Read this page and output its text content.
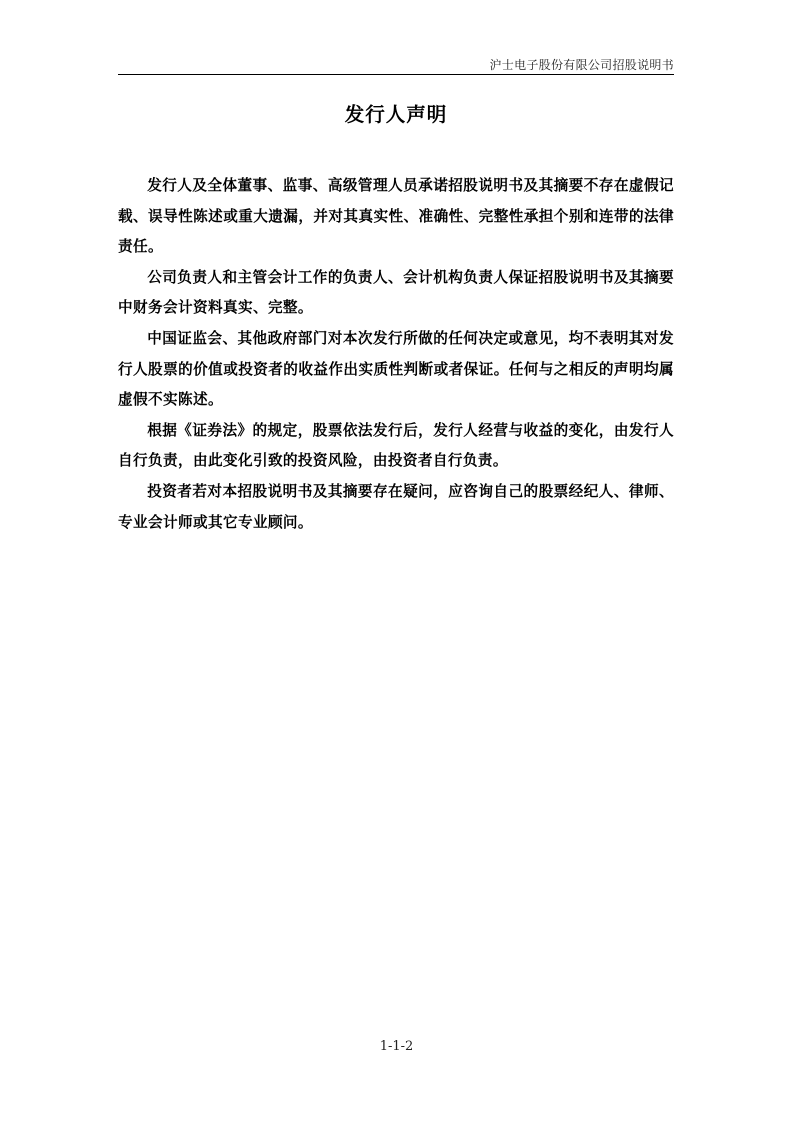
沪士电子股份有限公司招股说明书
发行人声明

发行人及全体董事、监事、高级管理人员承诺招股说明书及其摘要不存在虚假记载、误导性陈述或重大遗漏，并对其真实性、准确性、完整性承担个别和连带的法律责任。

公司负责人和主管会计工作的负责人、会计机构负责人保证招股说明书及其摘要中财务会计资料真实、完整。

中国证监会、其他政府部门对本次发行所做的任何决定或意见，均不表明其对发行人股票的价值或投资者的收益作出实质性判断或者保证。任何与之相反的声明均属虚假不实陈述。

根据《证券法》的规定，股票依法发行后，发行人经营与收益的变化，由发行人自行负责，由此变化引致的投资风险，由投资者自行负责。

投资者若对本招股说明书及其摘要存在疑问，应咨询自己的股票经纪人、律师、专业会计师或其它专业顾问。

1-1-2
